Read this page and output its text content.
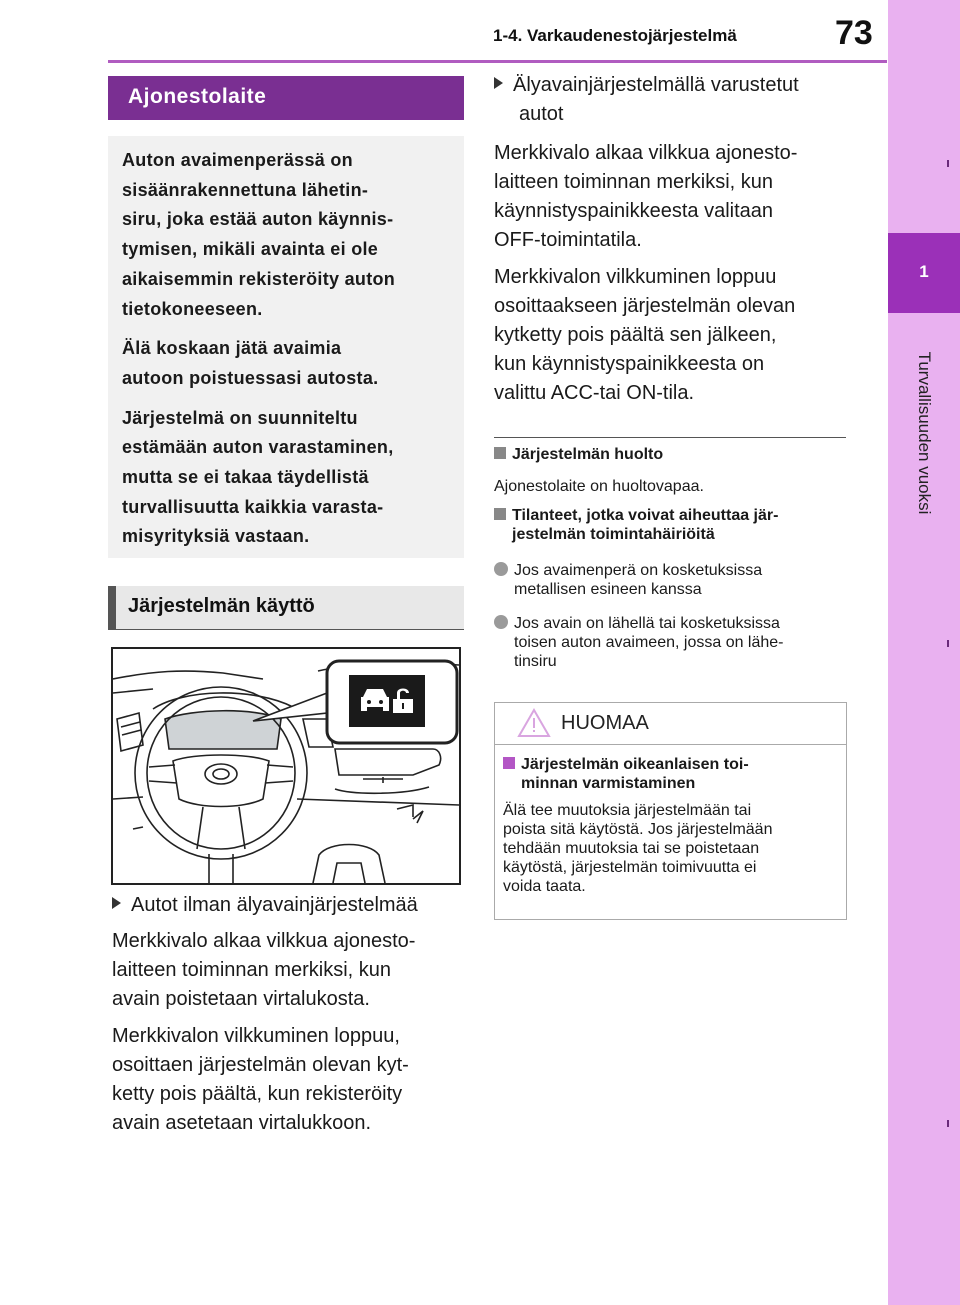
1-4. Varkaudenestojärjestelmä	73
1
Turvallisuuden vuoksi
Ajonestolaite

Auton avaimenperässä on
sisäänrakennettuna lähetin-
siru, joka estää auton käynnis-
tymisen, mikäli avainta ei ole
aikaisemmin rekisteröity auton
tietokoneeseen.

Älä koskaan jätä avaimia
autoon poistuessasi autosta.

Järjestelmä on suunniteltu
estämään auton varastaminen,
mutta se ei takaa täydellistä
turvallisuutta kaikkia varasta-
misyrityksiä vastaan.

Järjestelmän käyttö
Autot ilman älyavainjärjestelmää
Merkkivalo alkaa vilkkua ajonesto-
laitteen toiminnan merkiksi, kun
avain poistetaan virtalukosta.
Merkkivalon vilkkuminen loppuu,
osoittaen järjestelmän olevan kyt-
ketty pois päältä, kun rekisteröity
avain asetetaan virtalukkoon.
Älyavainjärjestelmällä varustetut
autot
Merkkivalo alkaa vilkkua ajonesto-
laitteen toiminnan merkiksi, kun
käynnistyspainikkeesta valitaan
OFF-toimintatila.
Merkkivalon vilkkuminen loppuu
osoittaakseen järjestelmän olevan
kytketty pois päältä sen jälkeen,
kun käynnistyspainikkeesta on
valittu ACC-tai ON-tila.
Järjestelmän huolto
Ajonestolaite on huoltovapaa.
Tilanteet, jotka voivat aiheuttaa jär-
jestelmän toimintahäiriöitä
Jos avaimenperä on kosketuksissa
metallisen esineen kanssa
Jos avain on lähellä tai kosketuksissa
toisen auton avaimeen, jossa on lähe-
tinsiru
HUOMAA
Järjestelmän oikeanlaisen toi-
minnan varmistaminen
Älä tee muutoksia järjestelmään tai
poista sitä käytöstä. Jos järjestelmään
tehdään muutoksia tai se poistetaan
käytöstä, järjestelmän toimivuutta ei
voida taata.
